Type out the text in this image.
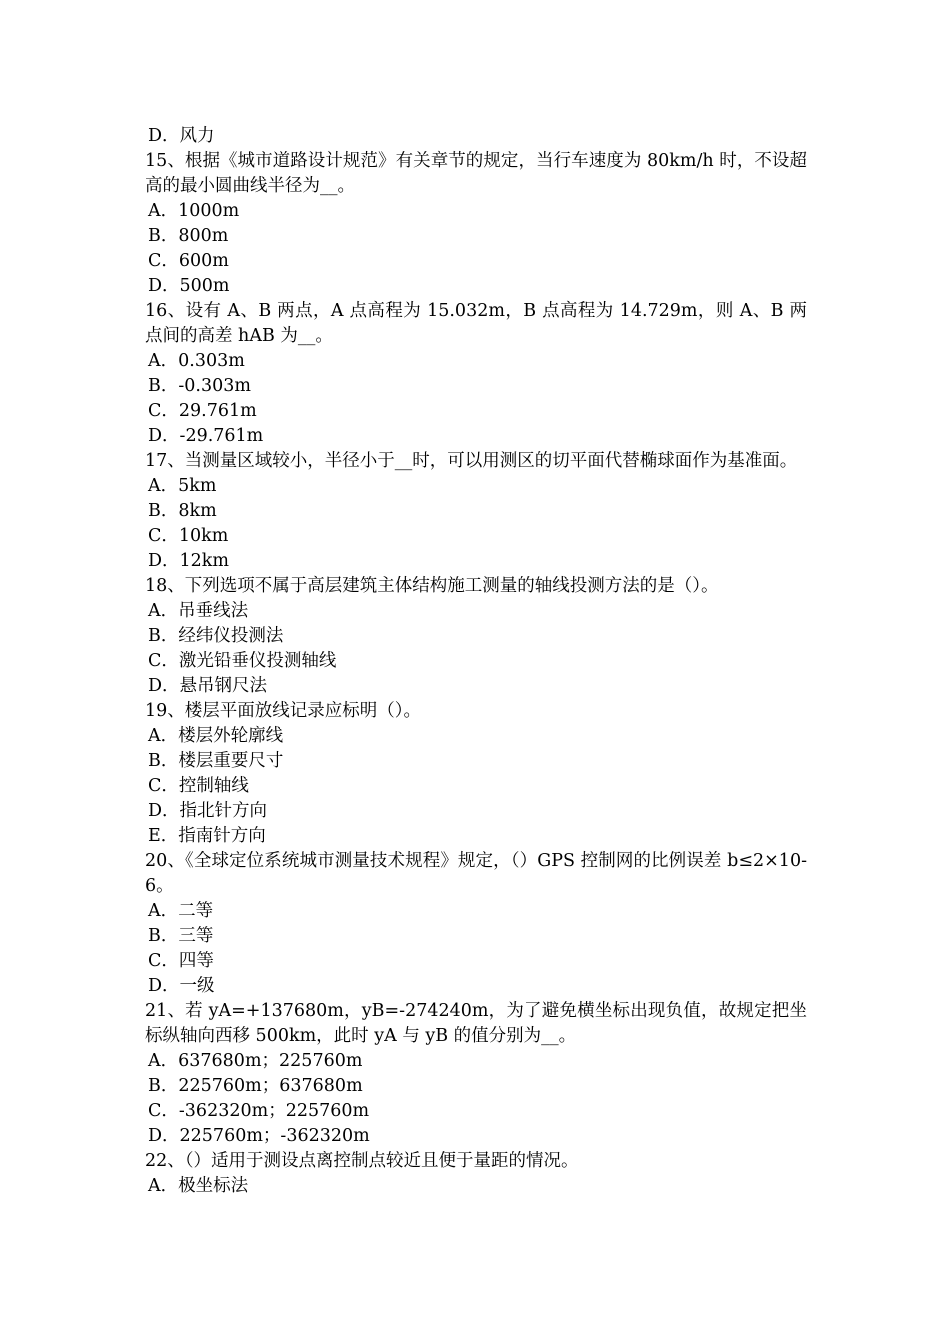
D．风力
15、根据《城市道路设计规范》有关章节的规定，当行车速度为 80km/h 时，不设超高的最小圆曲线半径为__。
A．1000m
B．800m
C．600m
D．500m
16、设有 A、B 两点，A 点高程为 15.032m，B 点高程为 14.729m，则 A、B 两点间的高差 hAB 为__。
A．0.303m
B．-0.303m
C．29.761m
D．-29.761m
17、当测量区域较小，半径小于__时，可以用测区的切平面代替椭球面作为基准面。
A．5km
B．8km
C．10km
D．12km
18、下列选项不属于高层建筑主体结构施工测量的轴线投测方法的是（）。
A．吊垂线法
B．经纬仪投测法
C．激光铅垂仪投测轴线
D．悬吊钢尺法
19、楼层平面放线记录应标明（）。
A．楼层外轮廓线
B．楼层重要尺寸
C．控制轴线
D．指北针方向
E．指南针方向
20、《全球定位系统城市测量技术规程》规定，（）GPS 控制网的比例误差 b≤2×10-6。
A．二等
B．三等
C．四等
D．一级
21、若 yA=+137680m，yB=-274240m，为了避免横坐标出现负值，故规定把坐标纵轴向西移 500km，此时 yA 与 yB 的值分别为__。
A．637680m；225760m
B．225760m；637680m
C．-362320m；225760m
D．225760m；-362320m
22、（）适用于测设点离控制点较近且便于量距的情况。
A．极坐标法
